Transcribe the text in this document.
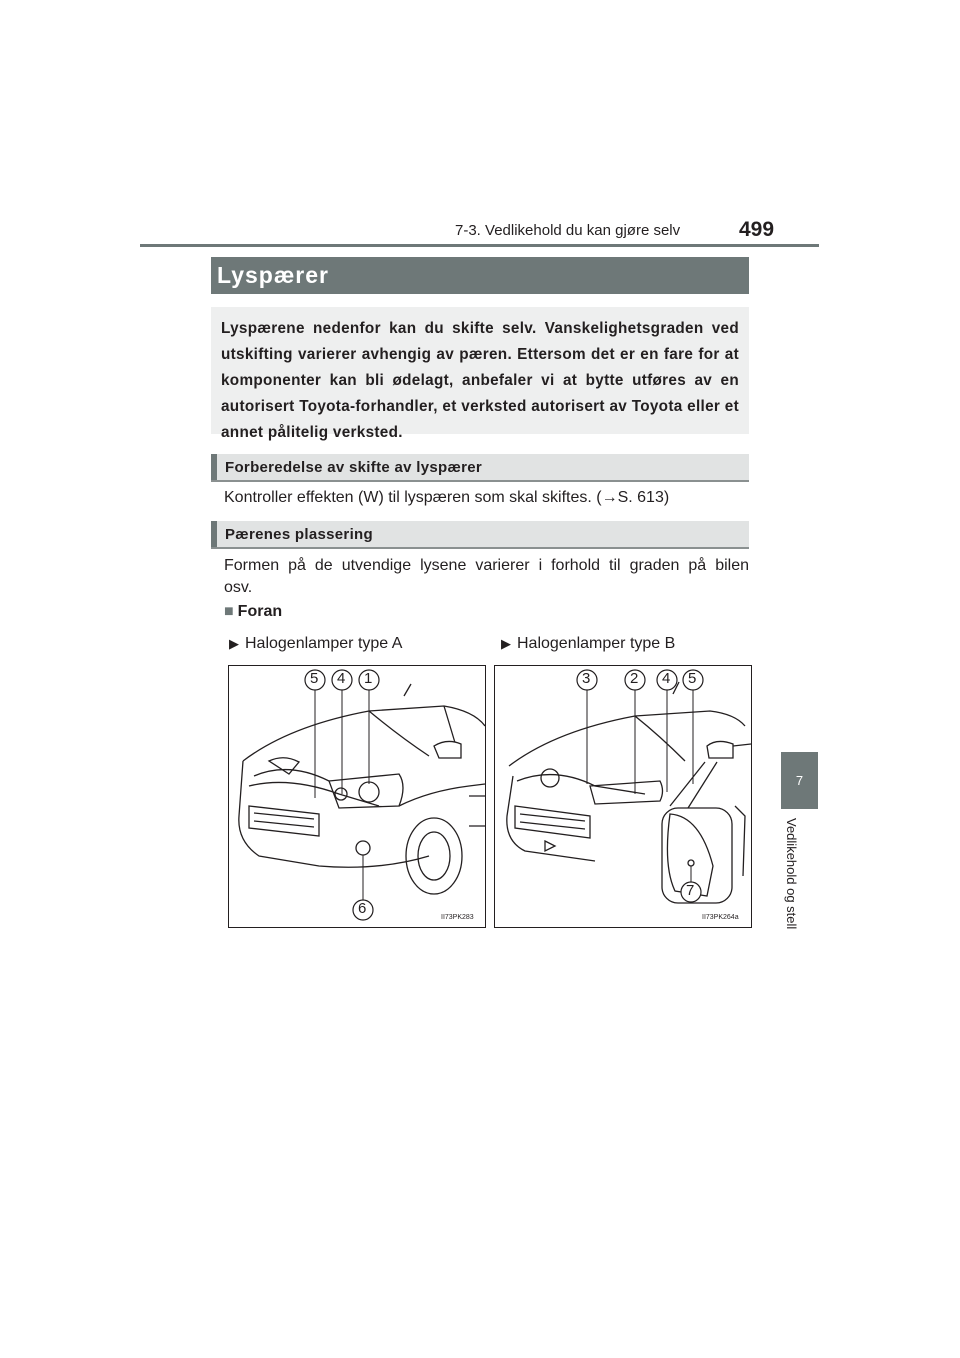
7-3. Vedlikehold du kan gjøre selv	499
7
Vedlikehold og stell
Lyspærer
Lyspærene nedenfor kan du skifte selv. Vanskelighetsgraden ved utskifting varierer avhengig av pæren. Ettersom det er en fare for at komponenter kan bli ødelagt, anbefaler vi at bytte utføres av en autorisert Toyota-forhandler, et verksted autorisert av Toyota eller et annet pålitelig verksted.
Forberedelse av skifte av lyspærer
Kontroller effekten (W) til lyspæren som skal skiftes. (→S. 613)
Pærenes plassering
Formen på de utvendige lysene varierer i forhold til graden på bilen osv.
■ Foran
▶ Halogenlamper type A	▶ Halogenlamper type B
5 4 1
6
II73PK283
3	2 4 5
7
II73PK264a
